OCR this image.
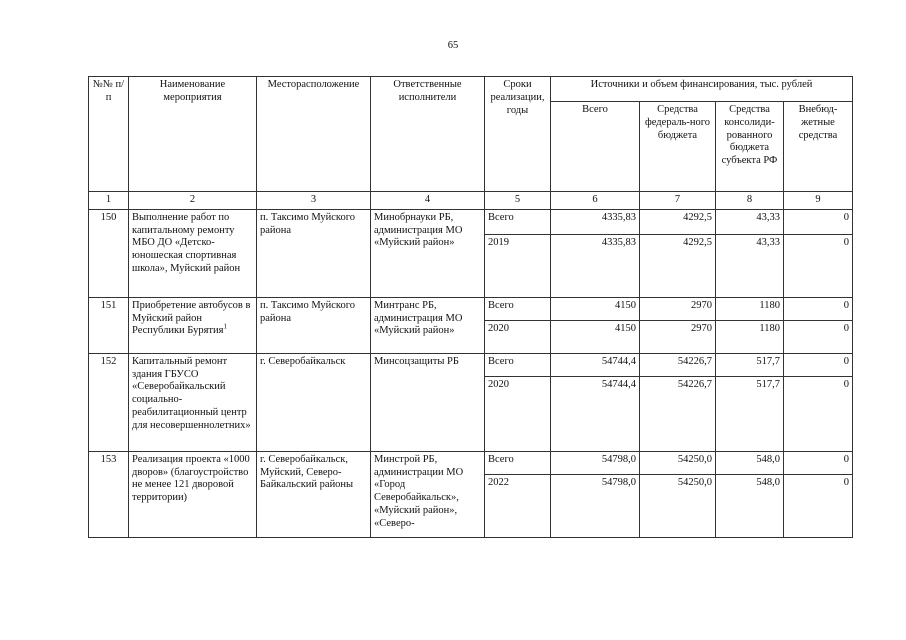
65
№№ п/п	Наименование мероприятия	Месторасположение	Ответственные исполнители	Сроки реализации, годы	Источники и объем финансирования, тыс. рублей			
					Всего	Средства федераль-ного бюджета	Средства консолиди-рованного бюджета субъекта РФ	Внебюд-жетные средства
1	2	3	4	5	6	7	8	9
150	Выполнение работ по капитальному ремонту МБО ДО «Детско-юношеская спортивная школа», Муйский район	п. Таксимо Муйского района	Минобрнауки РБ, администрация МО «Муйский район»	Всего	4335,83	4292,5	43,33	0
				2019	4335,83	4292,5	43,33	0
151	Приобретение автобусов в Муйский район Республики Бурятия$^1$	п. Таксимо Муйского района	Минтранс РБ, администрация МО «Муйский район»	Всего	4150	2970	1180	0
				2020	4150	2970	1180	0
152	Капитальный ремонт здания ГБУСО «Северобайкальский социально-реабилитационный центр для несовершеннолетних»	г. Северобайкальск	Минсоцзащиты РБ	Всего	54744,4	54226,7	517,7	0
				2020	54744,4	54226,7	517,7	0
153	Реализация проекта «1000 дворов» (благоустройство не менее 121 дворовой территории)	г. Северобайкальск, Муйский, Северо-Байкальский районы	Минстрой РБ, администрации МО «Город Северобайкальск», «Муйский район», «Северо-	Всего	54798,0	54250,0	548,0	0
				2022	54798,0	54250,0	548,0	0
